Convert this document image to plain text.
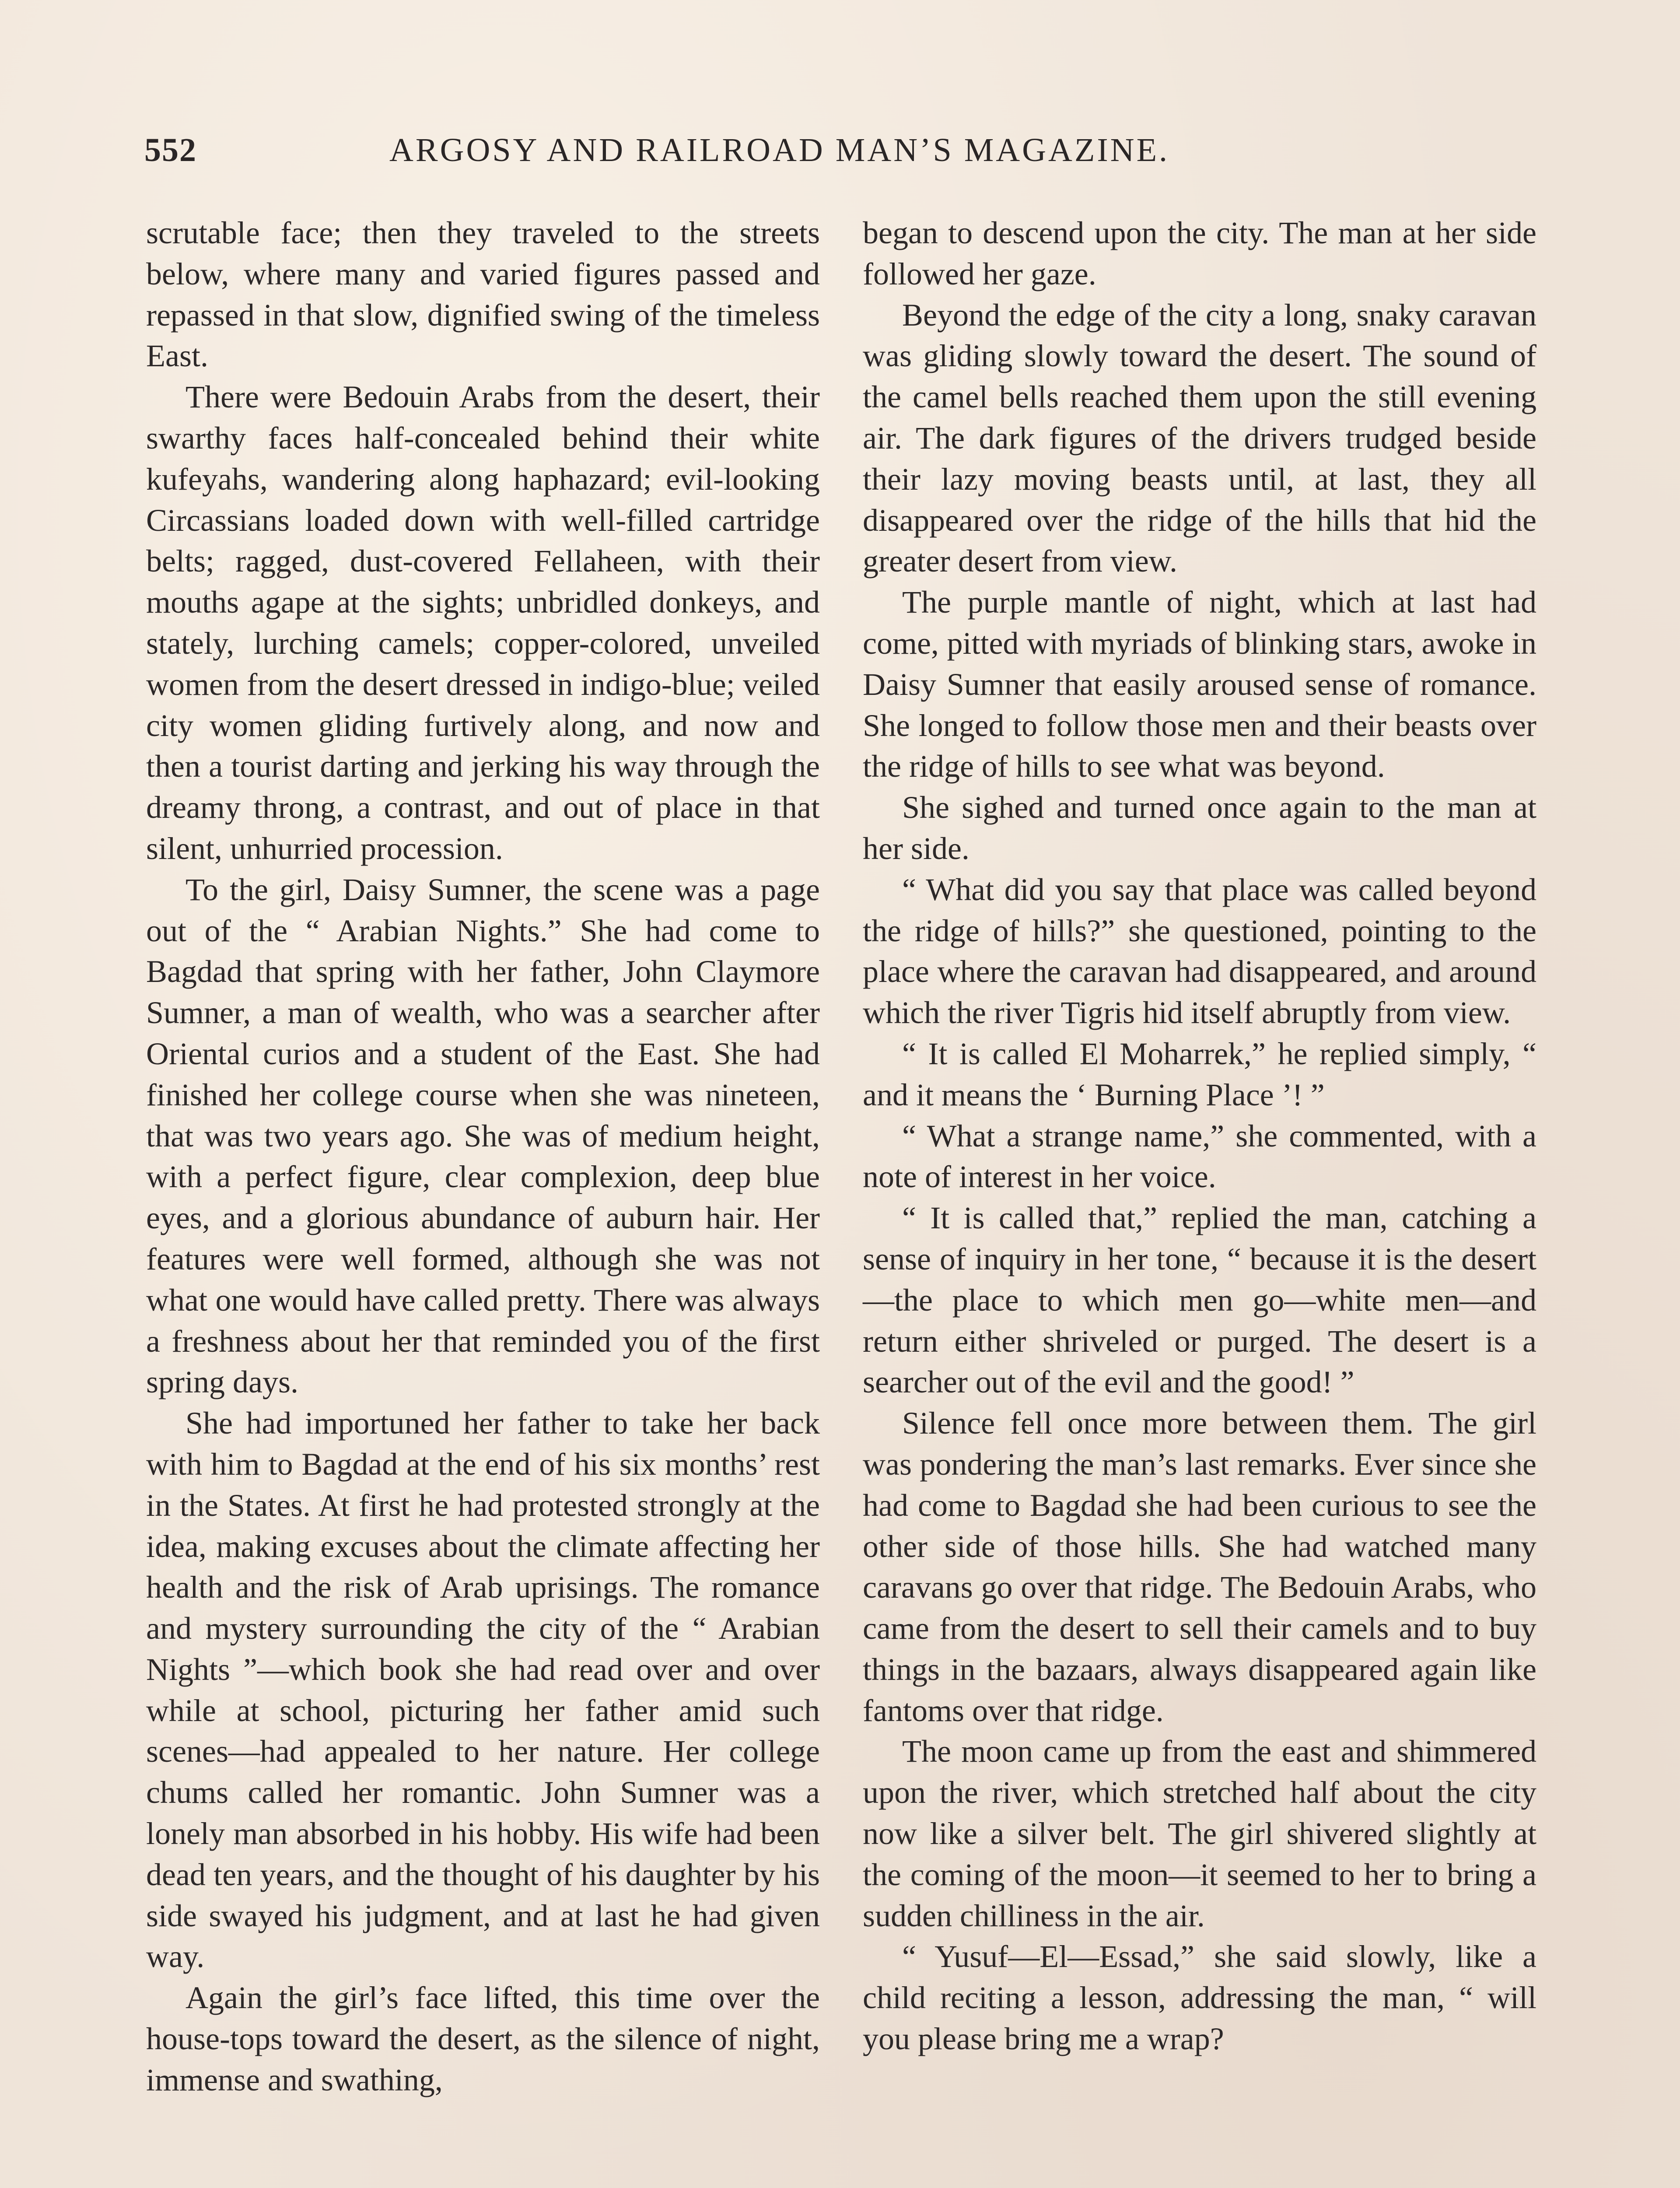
552	ARGOSY AND RAILROAD MAN’S MAGAZINE.

scrutable face; then they traveled to the streets below, where many and varied figures passed and repassed in that slow, dignified swing of the timeless East.

There were Bedouin Arabs from the desert, their swarthy faces half-concealed behind their white kufeyahs, wandering along haphazard; evil-looking Circassians loaded down with well-filled cartridge belts; ragged, dust-covered Fellaheen, with their mouths agape at the sights; unbridled donkeys, and stately, lurching camels; copper-colored, unveiled women from the desert dressed in indigo-blue; veiled city women gliding furtively along, and now and then a tourist darting and jerking his way through the dreamy throng, a contrast, and out of place in that silent, unhurried procession.

To the girl, Daisy Sumner, the scene was a page out of the “ Arabian Nights.” She had come to Bagdad that spring with her father, John Claymore Sumner, a man of wealth, who was a searcher after Oriental curios and a student of the East. She had finished her college course when she was nineteen, that was two years ago. She was of medium height, with a perfect figure, clear complexion, deep blue eyes, and a glorious abundance of auburn hair. Her features were well formed, although she was not what one would have called pretty. There was always a freshness about her that reminded you of the first spring days.

She had importuned her father to take her back with him to Bagdad at the end of his six months’ rest in the States. At first he had protested strongly at the idea, making excuses about the climate affecting her health and the risk of Arab uprisings. The romance and mystery surrounding the city of the “ Arabian Nights ”—which book she had read over and over while at school, picturing her father amid such scenes—had appealed to her nature. Her college chums called her romantic. John Sumner was a lonely man absorbed in his hobby. His wife had been dead ten years, and the thought of his daughter by his side swayed his judgment, and at last he had given way.

Again the girl’s face lifted, this time over the house-tops toward the desert, as the silence of night, immense and swathing,

began to descend upon the city. The man at her side followed her gaze.

Beyond the edge of the city a long, snaky caravan was gliding slowly toward the desert. The sound of the camel bells reached them upon the still evening air. The dark figures of the drivers trudged beside their lazy moving beasts until, at last, they all disappeared over the ridge of the hills that hid the greater desert from view.

The purple mantle of night, which at last had come, pitted with myriads of blinking stars, awoke in Daisy Sumner that easily aroused sense of romance. She longed to follow those men and their beasts over the ridge of hills to see what was beyond.

She sighed and turned once again to the man at her side.

“ What did you say that place was called beyond the ridge of hills?” she questioned, pointing to the place where the caravan had disappeared, and around which the river Tigris hid itself abruptly from view.

“ It is called El Moharrek,” he replied simply, “ and it means the ‘ Burning Place ’! ”

“ What a strange name,” she commented, with a note of interest in her voice.

“ It is called that,” replied the man, catching a sense of inquiry in her tone, “ because it is the desert—the place to which men go—white men—and return either shriveled or purged. The desert is a searcher out of the evil and the good! ”

Silence fell once more between them. The girl was pondering the man’s last remarks. Ever since she had come to Bagdad she had been curious to see the other side of those hills. She had watched many caravans go over that ridge. The Bedouin Arabs, who came from the desert to sell their camels and to buy things in the bazaars, always disappeared again like fantoms over that ridge.

The moon came up from the east and shimmered upon the river, which stretched half about the city now like a silver belt. The girl shivered slightly at the coming of the moon—it seemed to her to bring a sudden chilliness in the air.

“ Yusuf—El—Essad,” she said slowly, like a child reciting a lesson, addressing the man, “ will you please bring me a wrap?
